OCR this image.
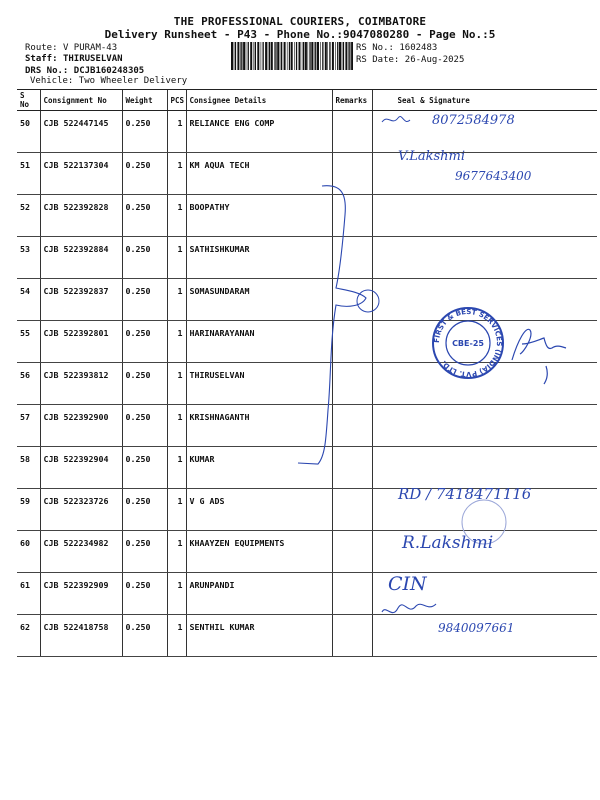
THE PROFESSIONAL COURIERS, COIMBATORE
Delivery Runsheet - P43 - Phone No.:9047080280 - Page No.:5
Route: V PURAM-43
Staff: THIRUSELVAN
DRS No.: DCJB160248305
Vehicle: Two Wheeler Delivery
RS No.: 1602483
RS Date: 26-Aug-2025
S No	Consignment No	Weight	PCS	Consignee Details	Remarks	Seal & Signature
50	CJB 522447145	0.250	1	RELIANCE ENG COMP		
51	CJB 522137304	0.250	1	KM AQUA TECH		
52	CJB 522392828	0.250	1	BOOPATHY		
53	CJB 522392884	0.250	1	SATHISHKUMAR		
54	CJB 522392837	0.250	1	SOMASUNDARAM		
55	CJB 522392801	0.250	1	HARINARAYANAN		
56	CJB 522393812	0.250	1	THIRUSELVAN		
57	CJB 522392900	0.250	1	KRISHNAGANTH		
58	CJB 522392904	0.250	1	KUMAR		
59	CJB 522323726	0.250	1	V G ADS		
60	CJB 522234982	0.250	1	KHAAYZEN EQUIPMENTS		
61	CJB 522392909	0.250	1	ARUNPANDI		
62	CJB 522418758	0.250	1	SENTHIL KUMAR		
8072584978
V.Lakshmi
9677643400
FIRST & BEST SERVICES (INDIA) PVT. LTD.
CBE-25
RD / 7418471116
R.Lakshmi
CIN
9840097661
